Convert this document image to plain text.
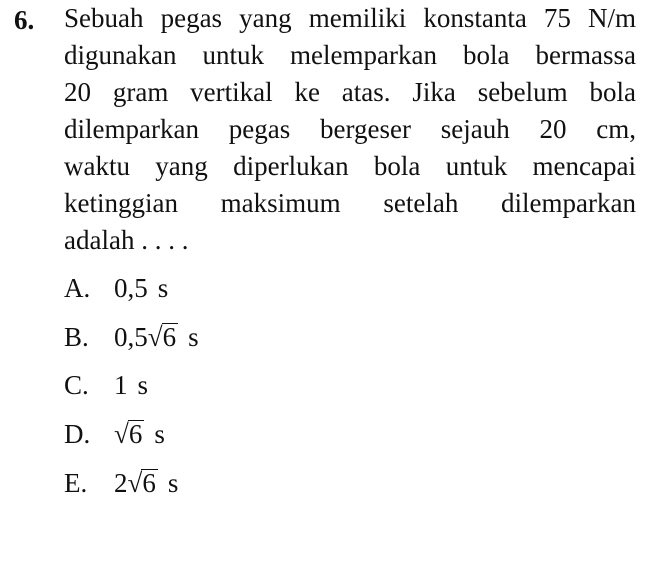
6. Sebuah pegas yang memiliki konstanta 75 N/m
digunakan untuk melemparkan bola bermassa
20 gram vertikal ke atas. Jika sebelum bola
dilemparkan pegas bergeser sejauh 20 cm,
waktu yang diperlukan bola untuk mencapai
ketinggian maksimum setelah dilemparkan
adalah . . . .
A. 0,5 s
B. 0,5√6 s
C. 1 s
D. √6 s
E. 2√6 s
